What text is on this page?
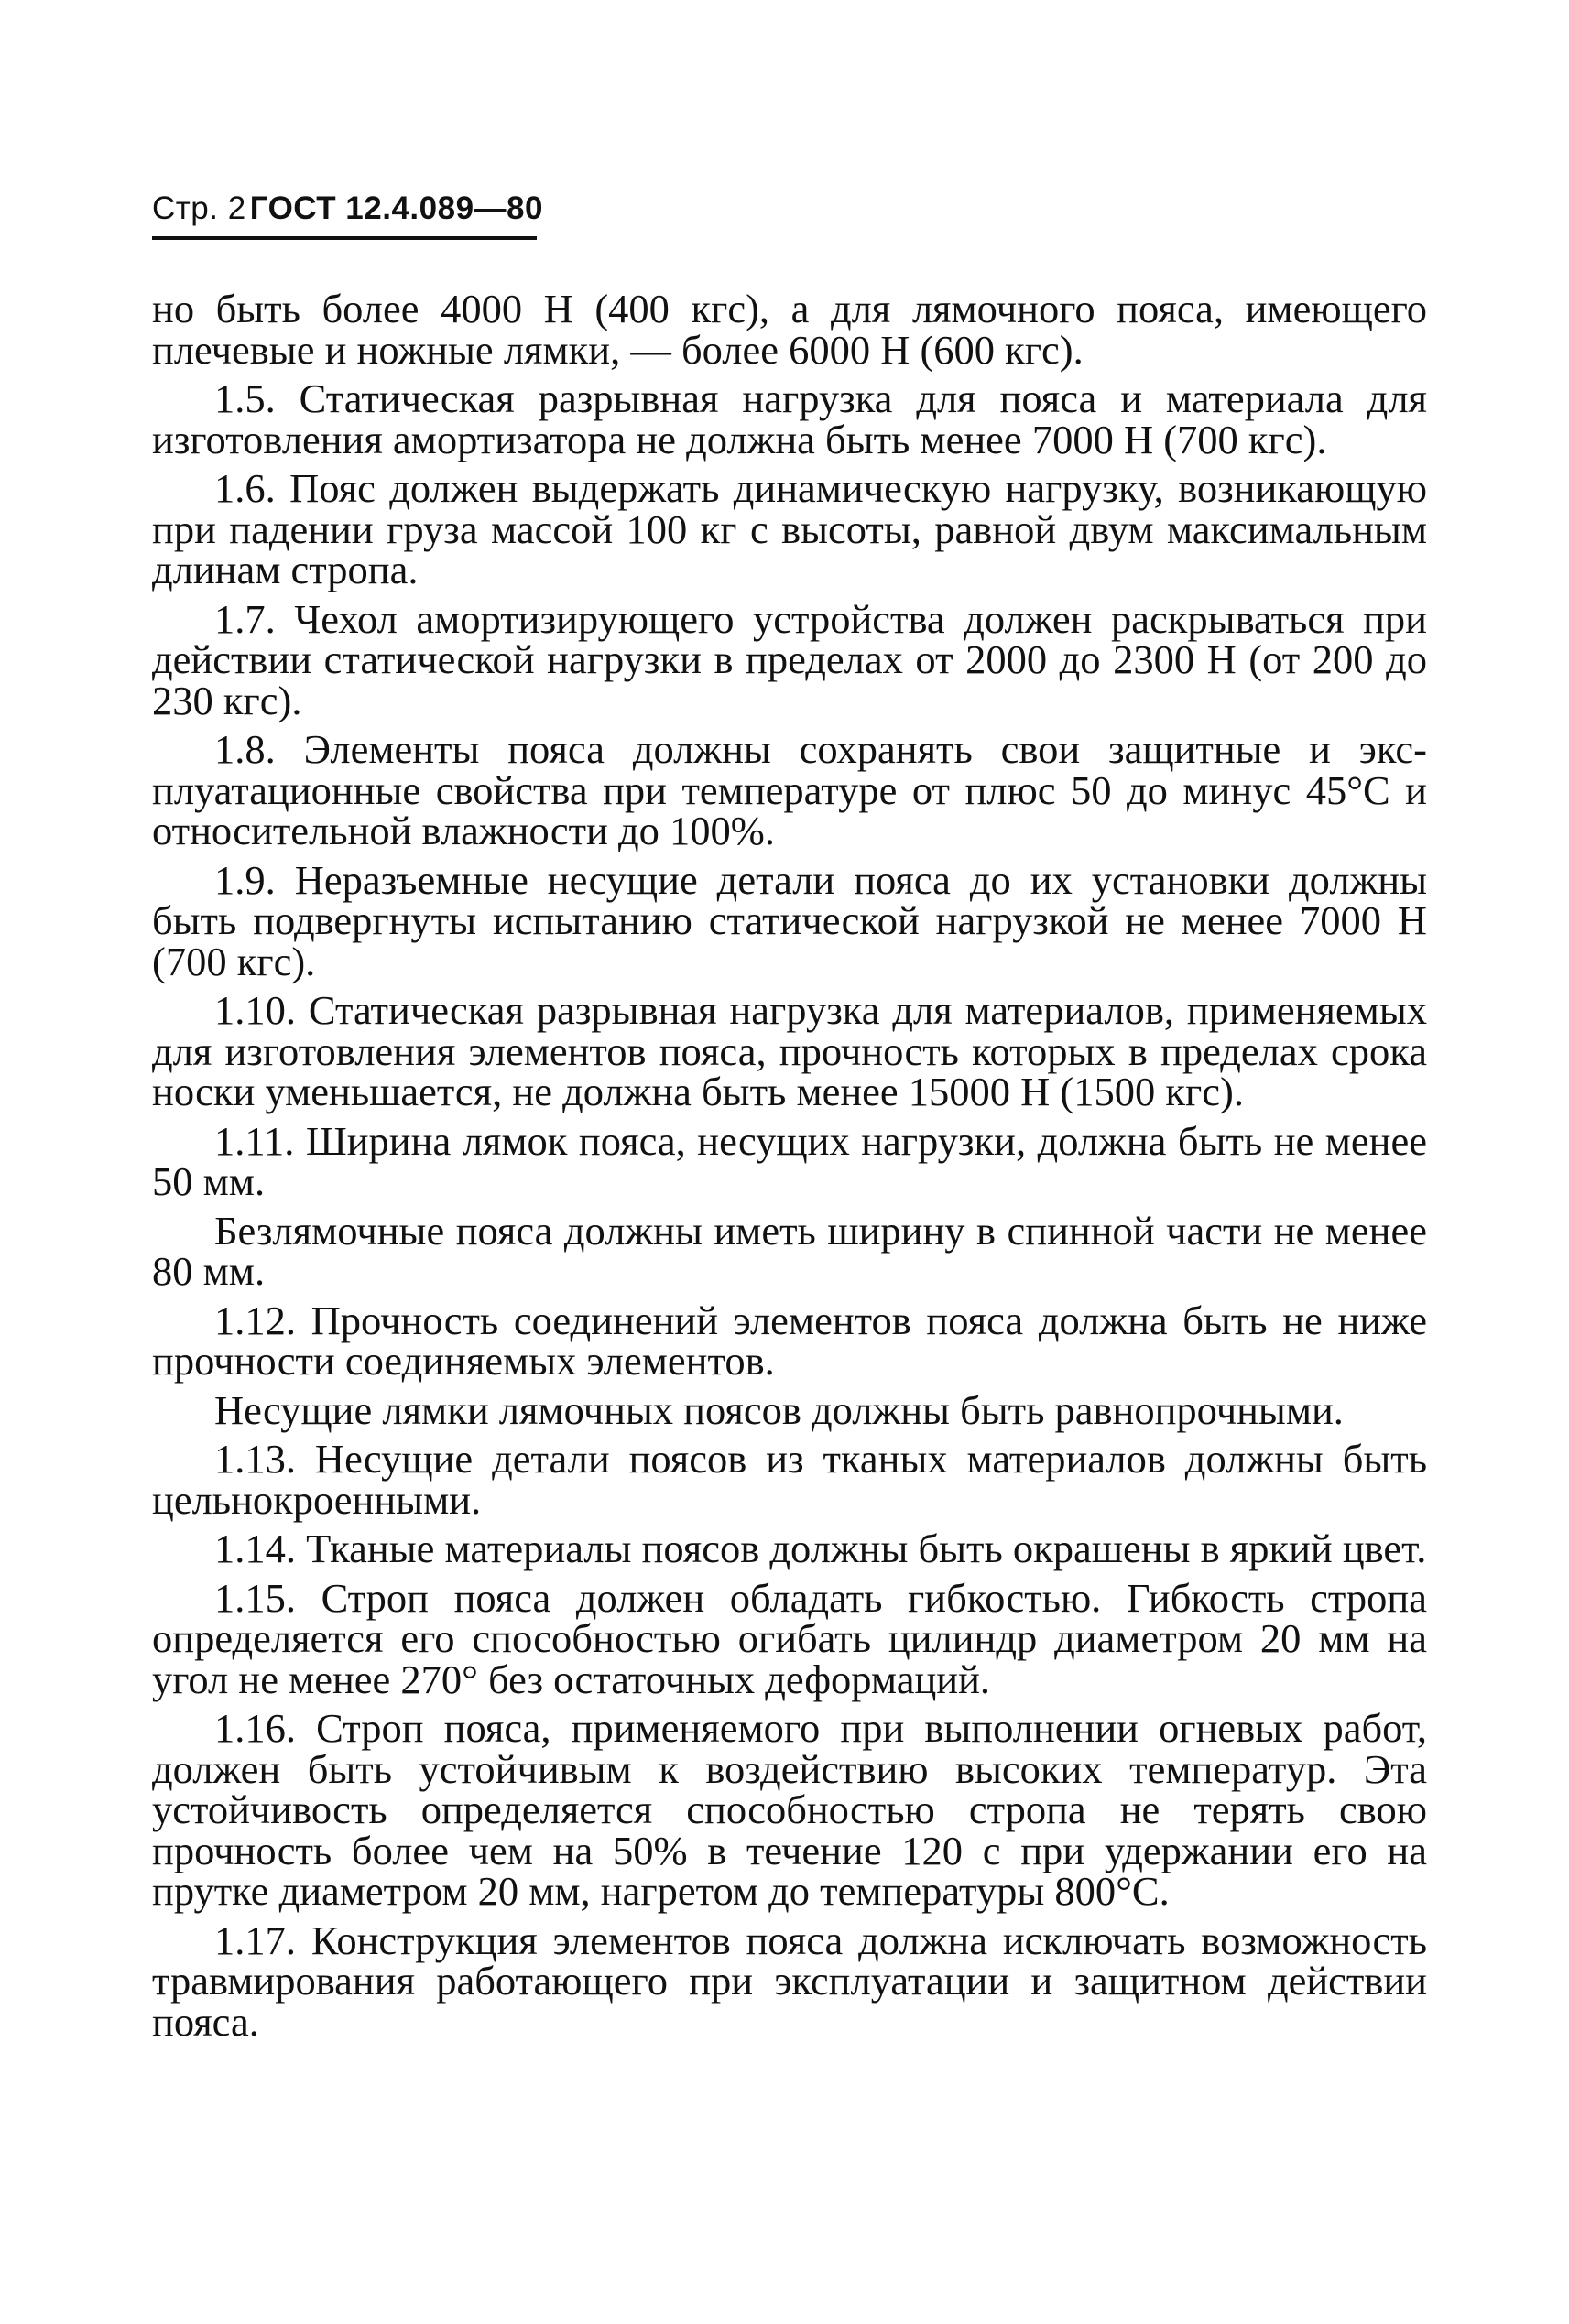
Стр. 2 ГОСТ 12.4.089—80

но быть более 4000 Н (400 кгс), а для лямочного пояса, имеющего плечевые и ножные лямки, — более 6000 Н (600 кгс).

1.5. Статическая разрывная нагрузка для пояса и материала для изготовления амортизатора не должна быть менее 7000 Н (700 кгс).

1.6. Пояс должен выдержать динамическую нагрузку, возникающую при падении груза массой 100 кг с высоты, равной двум максимальным длинам стропа.

1.7. Чехол амортизирующего устройства должен раскрываться при действии статической нагрузки в пределах от 2000 до 2300 Н (от 200 до 230 кгс).

1.8. Элементы пояса должны сохранять свои защитные и эксплуатационные свойства при температуре от плюс 50 до минус 45°С и относительной влажности до 100%.

1.9. Неразъемные несущие детали пояса до их установки должны быть подвергнуты испытанию статической нагрузкой не менее 7000 Н (700 кгс).

1.10. Статическая разрывная нагрузка для материалов, применяемых для изготовления элементов пояса, прочность которых в пределах срока носки уменьшается, не должна быть менее 15000 Н (1500 кгс).

1.11. Ширина лямок пояса, несущих нагрузки, должна быть не менее 50 мм.

Безлямочные пояса должны иметь ширину в спинной части не менее 80 мм.

1.12. Прочность соединений элементов пояса должна быть не ниже прочности соединяемых элементов.

Несущие лямки лямочных поясов должны быть равнопрочными.

1.13. Несущие детали поясов из тканых материалов должны быть цельнокроенными.

1.14. Тканые материалы поясов должны быть окрашены в яркий цвет.

1.15. Строп пояса должен обладать гибкостью. Гибкость стропа определяется его способностью огибать цилиндр диаметром 20 мм на угол не менее 270° без остаточных деформаций.

1.16. Строп пояса, применяемого при выполнении огневых работ, должен быть устойчивым к воздействию высоких температур. Эта устойчивость определяется способностью стропа не терять свою прочность более чем на 50% в течение 120 с при удержании его на прутке диаметром 20 мм, нагретом до температуры 800°С.

1.17. Конструкция элементов пояса должна исключать возможность травмирования работающего при эксплуатации и защитном действии пояса.
